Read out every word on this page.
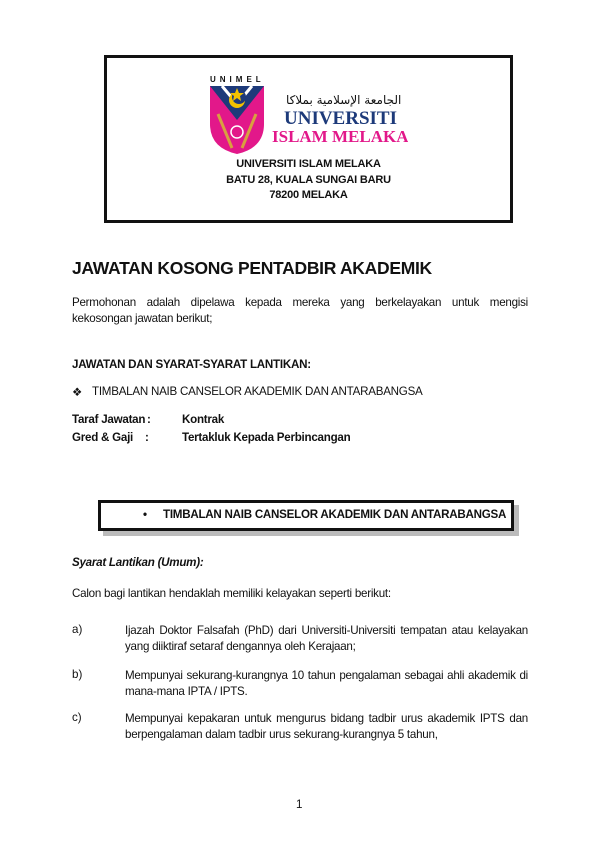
UNIMEL
الجامعة الإسلامية بملاكا
UNIVERSITI
ISLAM MELAKA
UNIVERSITI ISLAM MELAKA
BATU 28, KUALA SUNGAI BARU
78200 MELAKA
JAWATAN KOSONG PENTADBIR AKADEMIK
Permohonan adalah dipelawa kepada mereka yang berkelayakan untuk mengisi kekosongan jawatan berikut;
JAWATAN DAN SYARAT-SYARAT LANTIKAN:
❖ TIMBALAN NAIB CANSELOR AKADEMIK DAN ANTARABANGSA
Taraf Jawatan :	Kontrak
Gred & Gaji :	Tertakluk Kepada Perbincangan
• TIMBALAN NAIB CANSELOR AKADEMIK DAN ANTARABANGSA
Syarat Lantikan (Umum):
Calon bagi lantikan hendaklah memiliki kelayakan seperti berikut:
a)	Ijazah Doktor Falsafah (PhD) dari Universiti-Universiti tempatan atau kelayakan yang diiktiraf setaraf dengannya oleh Kerajaan;
b)	Mempunyai sekurang-kurangnya 10 tahun pengalaman sebagai ahli akademik di mana-mana IPTA / IPTS.
c)	Mempunyai kepakaran untuk mengurus bidang tadbir urus akademik IPTS dan berpengalaman dalam tadbir urus sekurang-kurangnya 5 tahun,
1
